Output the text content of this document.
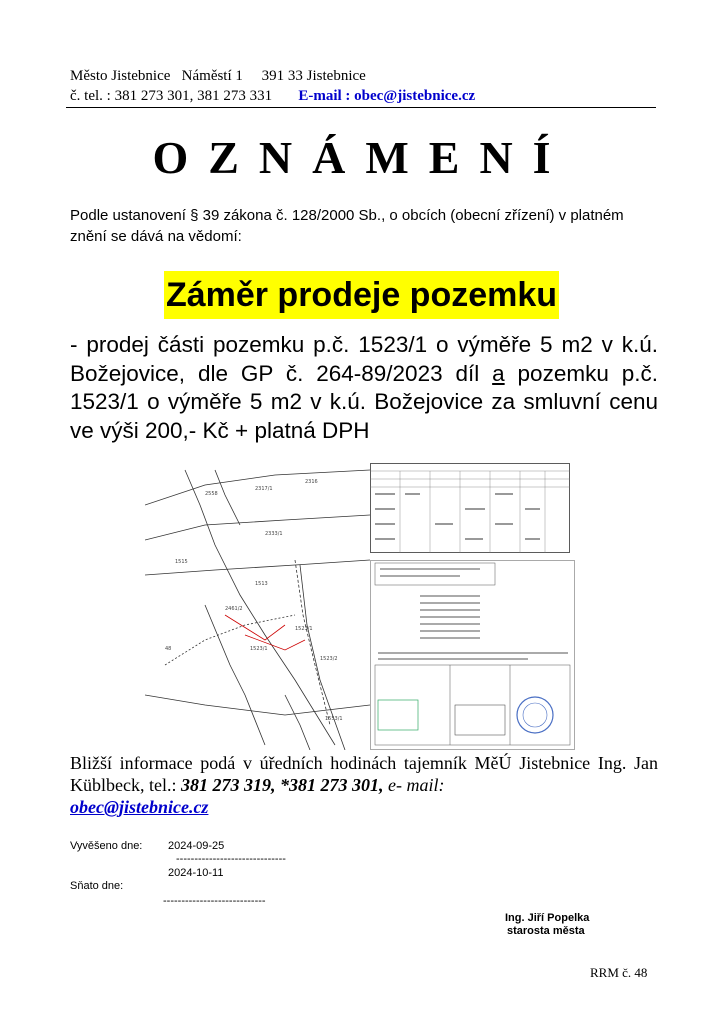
Město Jistebnice Náměstí 1 391 33 Jistebnice
č. tel. : 381 273 301, 381 273 331 E-mail : obec@jistebnice.cz
OZNÁMENÍ
Podle ustanovení § 39 zákona č. 128/2000 Sb., o obcích (obecní zřízení) v platném znění se dává na vědomí:
Záměr prodeje pozemku
- prodej části pozemku p.č. 1523/1 o výměře 5 m2 v k.ú. Božejovice, dle GP č. 264-89/2023 díl a pozemku p.č. 1523/1 o výměře 5 m2 v k.ú. Božejovice za smluvní cenu ve výši 200,- Kč + platná DPH
2558
2317/1
2316
2333/1
1515
1513
2461/2
48
1523/1
1523/1
1523/2
1553/1
Bližší informace podá v úředních hodinách tajemník MěÚ Jistebnice Ing. Jan Küblbeck, tel.: 381 273 319, *381 273 301, e- mail:
obec@jistebnice.cz
Vyvěšeno dne: 2024-09-25
------------------------------
2024-10-11
Sňato dne:
----------------------------
Ing. Jiří Popelka
starosta města
RRM č. 48
